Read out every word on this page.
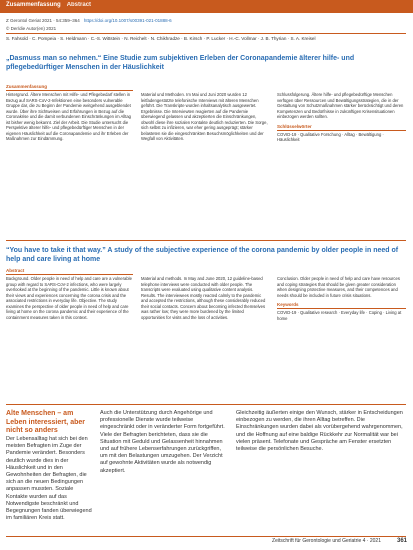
Zusammenfassung Abstract
Z Gerontol Geriat 2021 · 54:359–364 https://doi.org/10.1007/s00391-021-01888-6
© Der/die Autor(en) 2021
S. Fahsold · C. Pompeia · S. Heldmann · C.-S. Wittstein · N. Reichelt · N. Chikhradze · B. Kirsch · P. Lucker · H.-C. Vollmar · J. B. Thyrian · S. A. Kreisel
„Dasmuss man so nehmen.“ Eine Studie zum subjektiven Erleben der Coronapandemie älterer hilfe- und pflegebedürftiger Menschen in der Häuslichkeit
Zusammenfassung

Hintergrund. Ältere Menschen mit Hilfe- und Pflegebedarf stellen in Bezug auf SARS-CoV-2-Infektionen eine besonders vulnerable Gruppe dar, die zu Beginn der Pandemie weitgehend ausgeblendet wurde. Über ihre Sichtweisen und Erfahrungen in Bezug auf die Coronakrise und die damit verbundenen Einschränkungen im Alltag ist bisher wenig bekannt. Ziel der Arbeit. Die Studie untersucht die Perspektive älterer hilfe- und pflegebedürftiger Menschen in der eigenen Häuslichkeit auf die Coronapandemie und ihr Erleben der Maßnahmen zur Eindämmung.

Material und Methoden. Im Mai und Juni 2020 wurden 12 leitfadengestützte telefonische Interviews mit älteren Menschen geführt. Die Transkripte wurden inhaltsanalytisch ausgewertet. Ergebnisse. Die Interviewten reagierten auf die Pandemie überwiegend gelassen und akzeptierten die Einschränkungen, obwohl diese ihre sozialen Kontakte deutlich reduzierten. Die Sorge, sich selbst zu infizieren, war eher gering ausgeprägt; stärker belasteten sie die eingeschränkten Besuchsmöglichkeiten und der Wegfall von Aktivitäten.

Schlussfolgerung. Ältere hilfe- und pflegebedürftige Menschen verfügen über Ressourcen und Bewältigungsstrategien, die in der Gestaltung von Schutzmaßnahmen stärker berücksichtigt und deren Kompetenzen und Bedürfnisse in zukünftigen Krisensituationen einbezogen werden sollten.

Schlüsselwörter

COVID-19 · Qualitative Forschung · Alltag · Bewältigung · Häuslichkeit

“You have to take it that way.” A study of the subjective experience of the corona pandemic by older people in need of help and care living at home
Abstract

Background. Older people in need of help and care are a vulnerable group with regard to SARS-CoV-2 infections, who were largely overlooked at the beginning of the pandemic. Little is known about their views and experiences concerning the corona crisis and the associated restrictions in everyday life. Objective. The study examines the perspective of older people in need of help and care living at home on the corona pandemic and their experience of the containment measures taken in this context.

Material and methods. In May and June 2020, 12 guideline-based telephone interviews were conducted with older people. The transcripts were evaluated using qualitative content analysis. Results. The interviewees mostly reacted calmly to the pandemic and accepted the restrictions, although these considerably reduced their social contacts. Concern about becoming infected themselves was rather low; they were more burdened by the limited opportunities for visits and the loss of activities.

Conclusion. Older people in need of help and care have resources and coping strategies that should be given greater consideration when designing protective measures, and their competences and needs should be included in future crisis situations.

Keywords

COVID-19 · Qualitative research · Everyday life · Coping · Living at home

Alte Menschen – am Leben interessiert, aber nicht so anders
Der Lebensalltag hat sich bei den meisten Befragten im Zuge der Pandemie verändert. Besonders deutlich wurde dies in der Häuslichkeit und in den Gewohnheiten der Befragten, die sich an die neuen Bedingungen anpassen mussten. Soziale Kontakte wurden auf das Notwendigste beschränkt und Begegnungen fanden überwiegend im familiären Kreis statt.
Auch die Unterstützung durch Angehörige und professionelle Dienste wurde teilweise eingeschränkt oder in veränderter Form fortgeführt. Viele der Befragten berichteten, dass sie die Situation mit Geduld und Gelassenheit hinnahmen und auf frühere Lebenserfahrungen zurückgriffen, um mit den Belastungen umzugehen. Der Verzicht auf gewohnte Aktivitäten wurde als notwendig akzeptiert.
Gleichzeitig äußerten einige den Wunsch, stärker in Entscheidungen einbezogen zu werden, die ihren Alltag betreffen. Die Einschränkungen wurden dabei als vorübergehend wahrgenommen, und die Hoffnung auf eine baldige Rückkehr zur Normalität war bei vielen präsent. Telefonate und Gespräche am Fenster ersetzten teilweise die persönlichen Besuche.
Zeitschrift für Gerontologie und Geriatrie 4 · 2021	361
